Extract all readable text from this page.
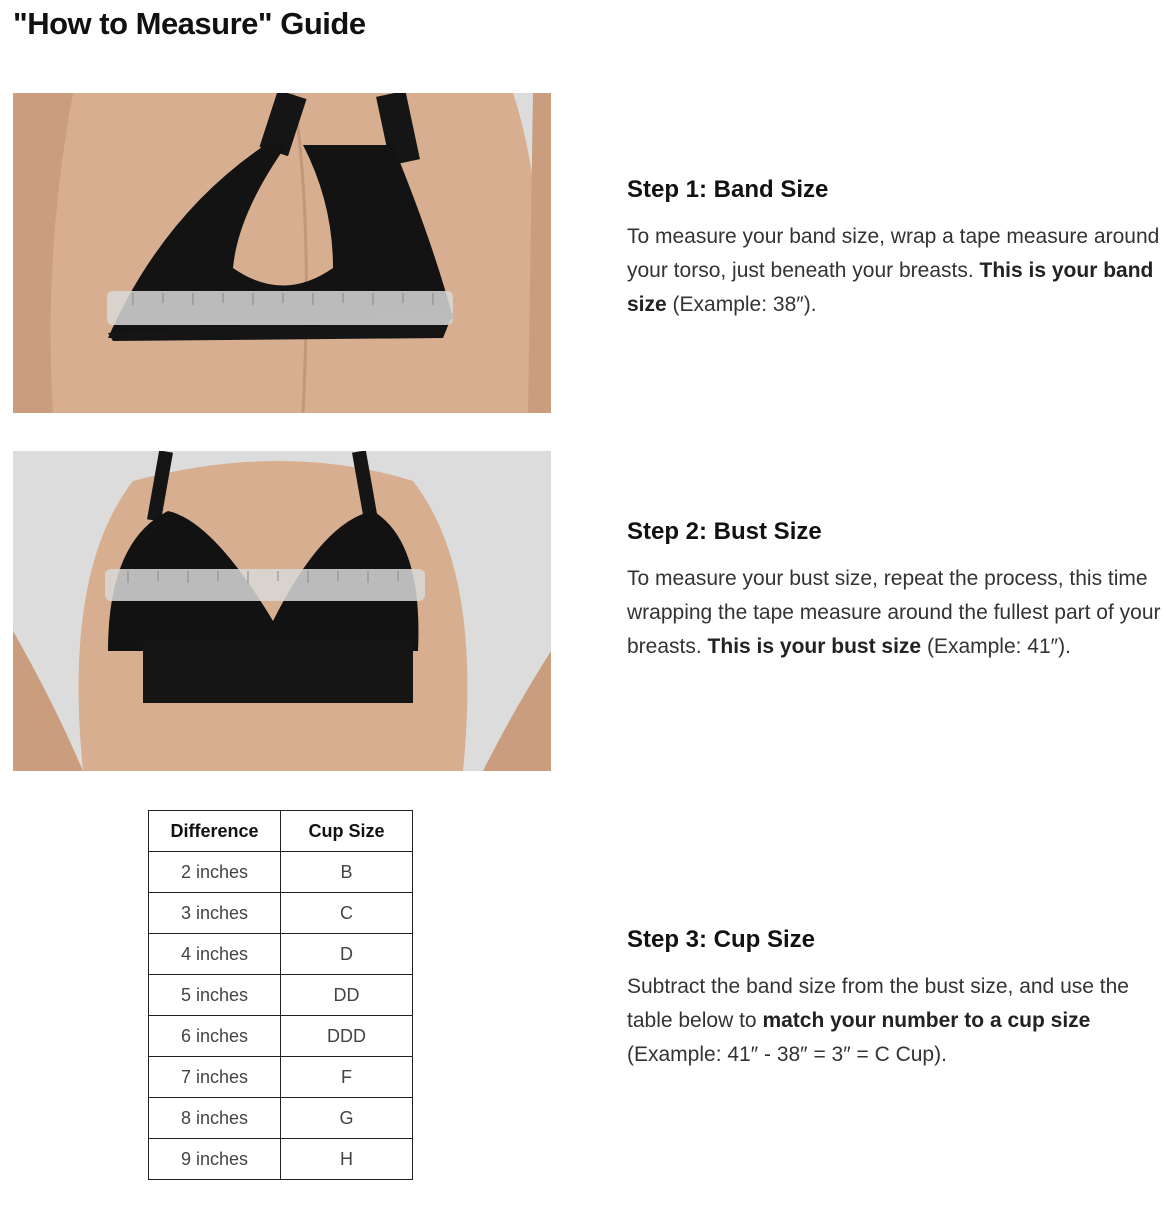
"How to Measure" Guide
Step 1: Band Size

To measure your band size, wrap a tape measure around your torso, just beneath your breasts. This is your band size (Example: 38″).

Step 2: Bust Size

To measure your bust size, repeat the process, this time wrapping the tape measure around the fullest part of your breasts. This is your bust size (Example: 41″).

Step 3: Cup Size

Subtract the band size from the bust size, and use the table below to match your number to a cup size (Example: 41″ - 38″ = 3″ = C Cup).

Difference	Cup Size
2 inches	B
3 inches	C
4 inches	D
5 inches	DD
6 inches	DDD
7 inches	F
8 inches	G
9 inches	H
